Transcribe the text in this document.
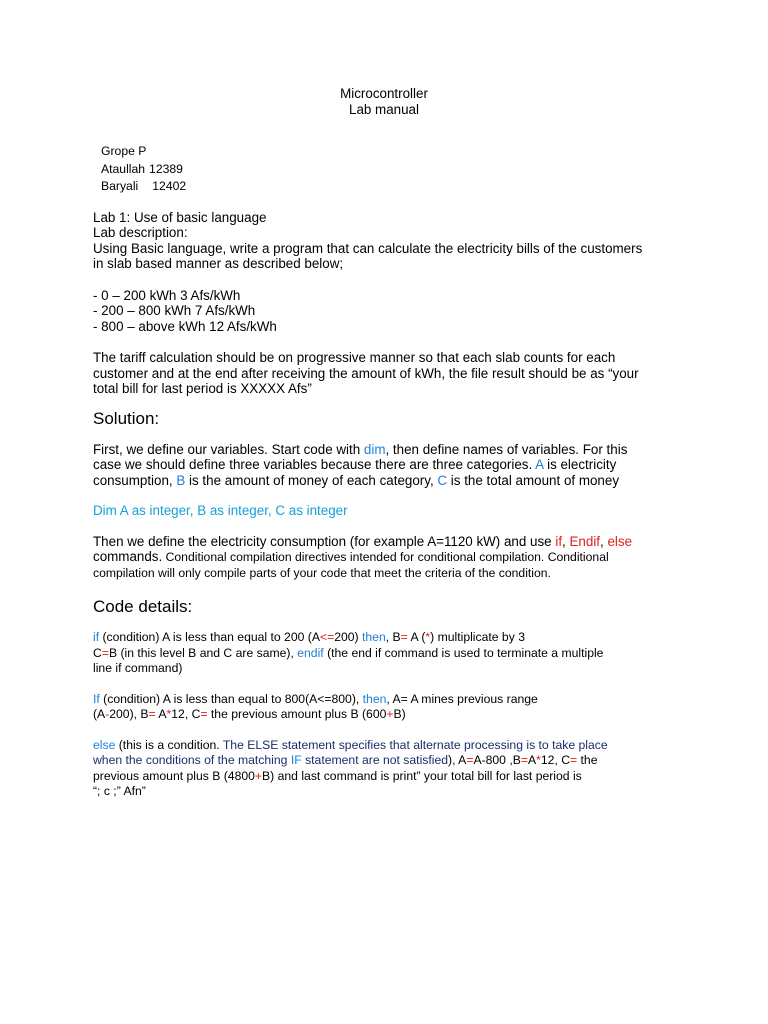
Microcontroller

Lab manual

Grope P

Ataullah 12389

Baryali 12402

Lab 1: Use of basic language

Lab description:

Using Basic language, write a program that can calculate the electricity bills of the customers

in slab based manner as described below;

- 0 – 200 kWh 3 Afs/kWh

- 200 – 800 kWh 7 Afs/kWh

- 800 – above kWh 12 Afs/kWh

The tariff calculation should be on progressive manner so that each slab counts for each

customer and at the end after receiving the amount of kWh, the file result should be as “your

total bill for last period is XXXXX Afs”

Solution:

First, we define our variables. Start code with dim, then define names of variables. For this

case we should define three variables because there are three categories. A is electricity

consumption, B is the amount of money of each category, C is the total amount of money

Dim A as integer, B as integer, C as integer

Then we define the electricity consumption (for example A=1120 kW) and use if, Endif, else

commands. Conditional compilation directives intended for conditional compilation. Conditional

compilation will only compile parts of your code that meet the criteria of the condition.

Code details:

if (condition) A is less than equal to 200 (A<=200) then, B= A (*) multiplicate by 3

C=B (in this level B and C are same), endif (the end if command is used to terminate a multiple

line if command)

If (condition) A is less than equal to 800(A<=800), then, A= A mines previous range

(A-200), B= A*12, C= the previous amount plus B (600+B)

else (this is a condition. The ELSE statement specifies that alternate processing is to take place

when the conditions of the matching IF statement are not satisfied), A=A-800 ,B=A*12, C= the

previous amount plus B (4800+B) and last command is print” your total bill for last period is

“; c ;” Afn”
